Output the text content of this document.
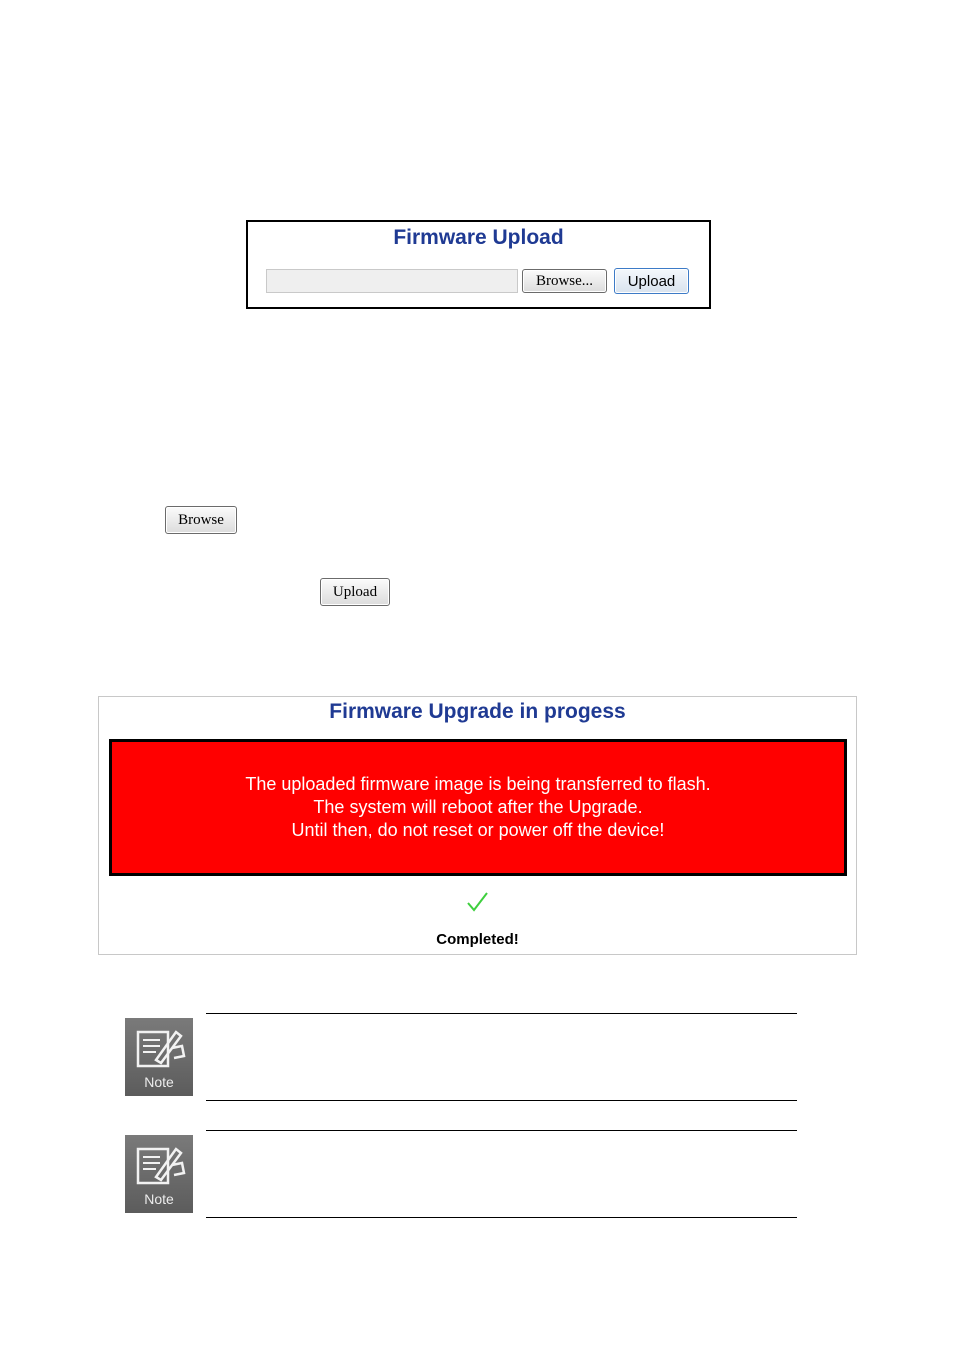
Firmware Upload
Browse...	Upload
Browse
Upload
Firmware Upgrade in progess
The uploaded firmware image is being transferred to flash.
The system will reboot after the Upgrade.
Until then, do not reset or power off the device!
Completed!
Note
Note
